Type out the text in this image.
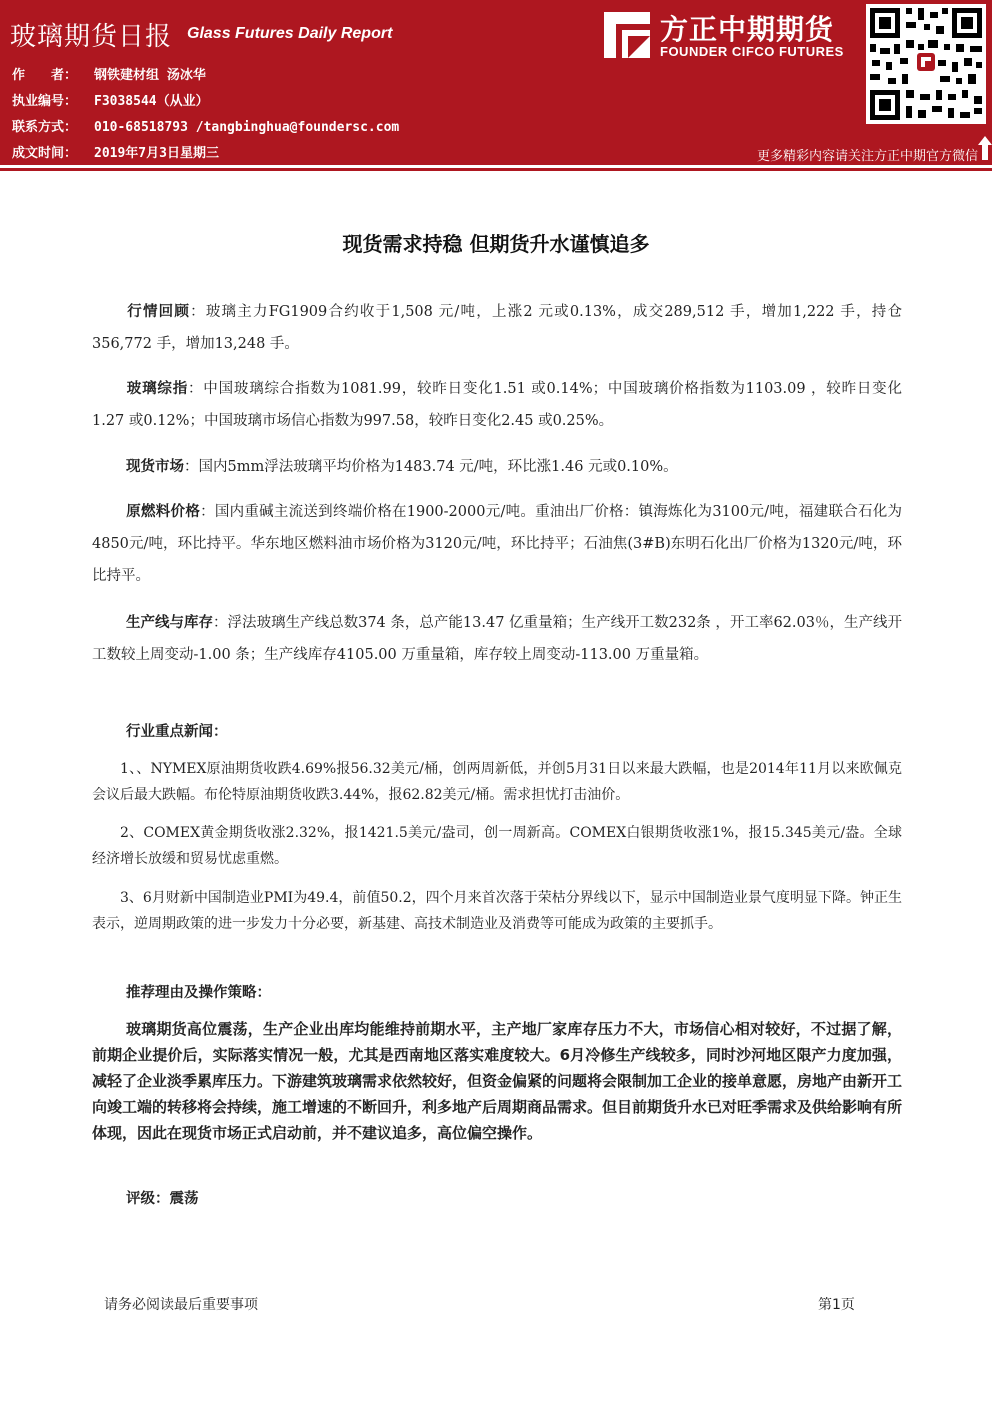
玻璃期货日报 Glass Futures Daily Report
作　　者： 钢铁建材组 汤冰华
执业编号： F3038544（从业）
联系方式： 010-68518793 /tangbinghua@foundersc.com
成文时间： 2019年7月3日星期三
方正中期期货
FOUNDER CIFCO FUTURES
更多精彩内容请关注方正中期官方微信
现货需求持稳 但期货升水谨慎追多

行情回顾：玻璃主力FG1909合约收于1,508 元/吨，上涨2 元或0.13%，成交289,512 手，增加1,222 手，持仓356,772 手，增加13,248 手。

玻璃综指：中国玻璃综合指数为1081.99，较昨日变化1.51 或0.14%；中国玻璃价格指数为1103.09 ，较昨日变化1.27 或0.12%；中国玻璃市场信心指数为997.58，较昨日变化2.45 或0.25%。

现货市场：国内5mm浮法玻璃平均价格为1483.74 元/吨，环比涨1.46 元或0.10%。

原燃料价格：国内重碱主流送到终端价格在1900-2000元/吨。重油出厂价格：镇海炼化为3100元/吨，福建联合石化为4850元/吨，环比持平。华东地区燃料油市场价格为3120元/吨，环比持平；石油焦(3#B)东明石化出厂价格为1320元/吨，环比持平。

生产线与库存：浮法玻璃生产线总数374 条，总产能13.47 亿重量箱；生产线开工数232条 ，开工率62.03％，生产线开工数较上周变动-1.00 条；生产线库存4105.00 万重量箱，库存较上周变动-113.00 万重量箱。

行业重点新闻：

1、、NYMEX原油期货收跌4.69%报56.32美元/桶，创两周新低，并创5月31日以来最大跌幅，也是2014年11月以来欧佩克会议后最大跌幅。布伦特原油期货收跌3.44%，报62.82美元/桶。需求担忧打击油价。

2、COMEX黄金期货收涨2.32%，报1421.5美元/盎司，创一周新高。COMEX白银期货收涨1%，报15.345美元/盎。全球经济增长放缓和贸易忧虑重燃。

3、6月财新中国制造业PMI为49.4，前值50.2，四个月来首次落于荣枯分界线以下，显示中国制造业景气度明显下降。钟正生表示，逆周期政策的进一步发力十分必要，新基建、高技术制造业及消费等可能成为政策的主要抓手。

推荐理由及操作策略：

玻璃期货高位震荡，生产企业出库均能维持前期水平，主产地厂家库存压力不大，市场信心相对较好，不过据了解，前期企业提价后，实际落实情况一般，尤其是西南地区落实难度较大。6月冷修生产线较多，同时沙河地区限产力度加强，减轻了企业淡季累库压力。下游建筑玻璃需求依然较好，但资金偏紧的问题将会限制加工企业的接单意愿，房地产由新开工向竣工端的转移将会持续，施工增速的不断回升，利多地产后周期商品需求。但目前期货升水已对旺季需求及供给影响有所体现，因此在现货市场正式启动前，并不建议追多，高位偏空操作。

评级：震荡
请务必阅读最后重要事项	第1页
